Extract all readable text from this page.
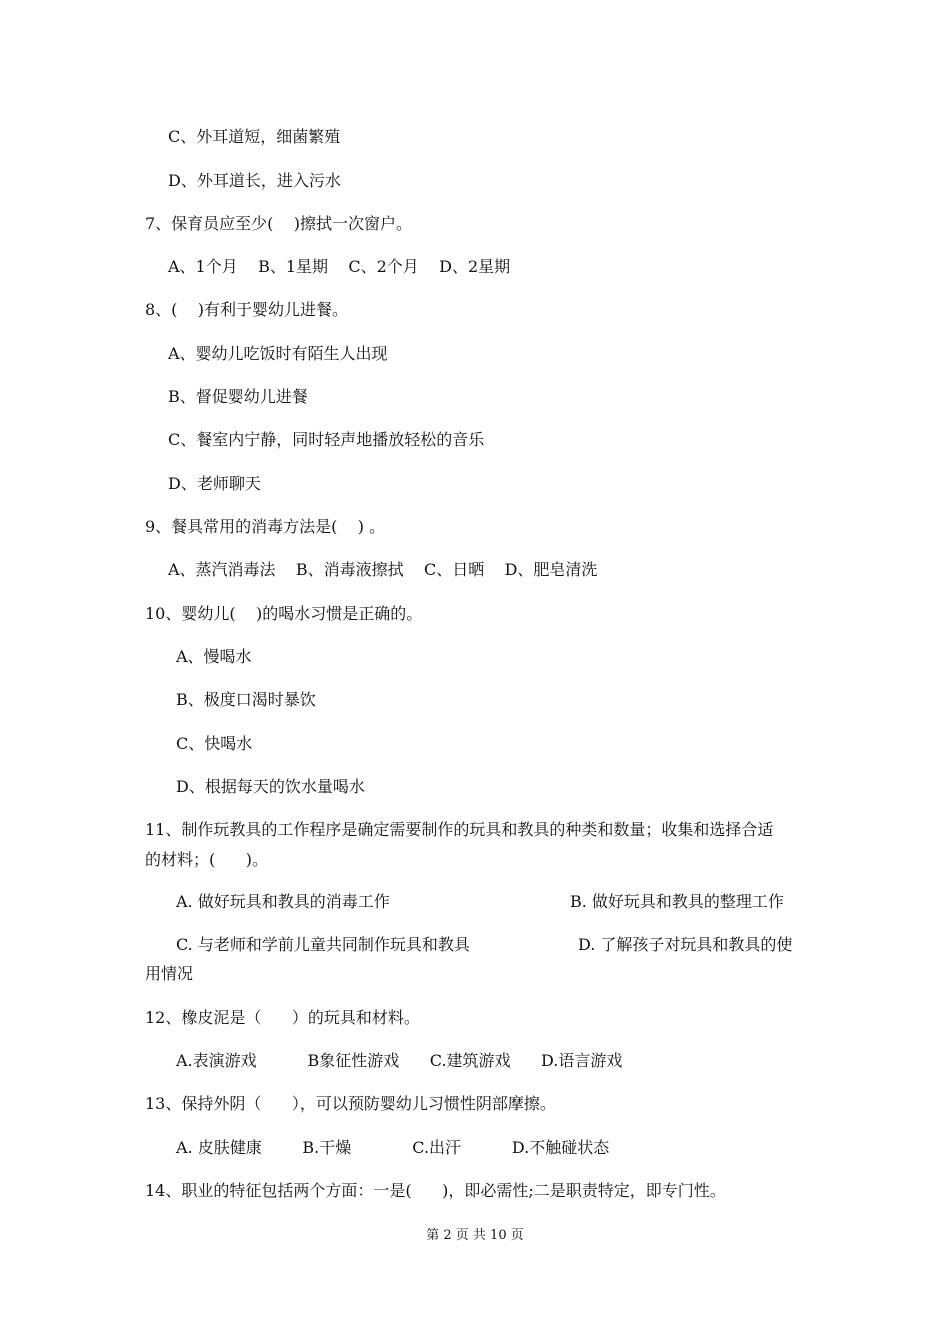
C、外耳道短，细菌繁殖
D、外耳道长，进入污水
7、保育员应至少(    )擦拭一次窗户。
A、1个月    B、1星期    C、2个月    D、2星期
8、(    )有利于婴幼儿进餐。
A、婴幼儿吃饭时有陌生人出现
B、督促婴幼儿进餐
C、餐室内宁静，同时轻声地播放轻松的音乐
D、老师聊天
9、餐具常用的消毒方法是(    ) 。
A、蒸汽消毒法    B、消毒液擦拭    C、日晒    D、肥皂清洗
10、婴幼儿(    )的喝水习惯是正确的。
A、慢喝水
B、极度口渴时暴饮
C、快喝水
D、根据每天的饮水量喝水
11、制作玩教具的工作程序是确定需要制作的玩具和教具的种类和数量；收集和选择合适
的材料；(      )。
A. 做好玩具和教具的消毒工作	B. 做好玩具和教具的整理工作
C. 与老师和学前儿童共同制作玩具和教具	D. 了解孩子对玩具和教具的使
用情况
12、橡皮泥是（      ）的玩具和材料。
A.表演游戏          B象征性游戏      C.建筑游戏      D.语言游戏
13、保持外阴（      ），可以预防婴幼儿习惯性阴部摩擦。
A. 皮肤健康        B.干燥            C.出汗          D.不触碰状态
14、职业的特征包括两个方面：一是(      )，即必需性;二是职责特定，即专门性。
第 2 页 共 10 页
